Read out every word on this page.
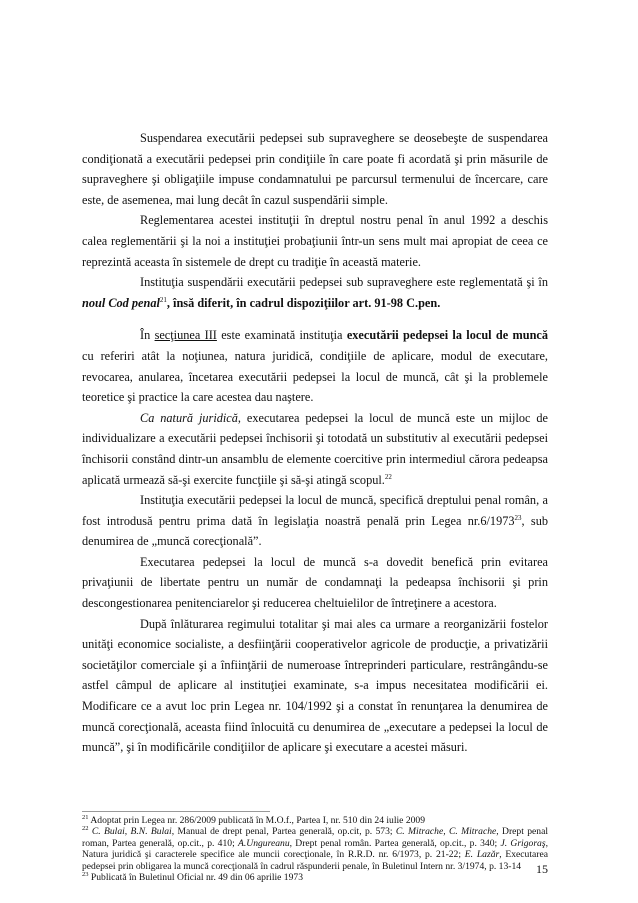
Suspendarea executării pedepsei sub supraveghere se deosebeşte de suspendarea condiţionată a executării pedepsei prin condiţiile în care poate fi acordată şi prin măsurile de supraveghere şi obligaţiile impuse condamnatului pe parcursul termenului de încercare, care este, de asemenea, mai lung decât în cazul suspendării simple.

Reglementarea acestei instituţii în dreptul nostru penal în anul 1992 a deschis calea reglementării şi la noi a instituţiei probaţiunii într-un sens mult mai apropiat de ceea ce reprezintă aceasta în sistemele de drept cu tradiţie în această materie.

Instituţia suspendării executării pedepsei sub supraveghere este reglementată şi în noul Cod penal$^{21}$, însă diferit, în cadrul dispoziţiilor art. 91-98 C.pen.

În secţiunea III este examinată instituţia executării pedepsei la locul de muncă cu referiri atât la noţiunea, natura juridică, condiţiile de aplicare, modul de executare, revocarea, anularea, încetarea executării pedepsei la locul de muncă, cât şi la problemele teoretice şi practice la care acestea dau naştere.

Ca natură juridică, executarea pedepsei la locul de muncă este un mijloc de individualizare a executării pedepsei închisorii şi totodată un substitutiv al executării pedepsei închisorii constând dintr-un ansamblu de elemente coercitive prin intermediul cărora pedeapsa aplicată urmează să-şi exercite funcţiile şi să-şi atingă scopul.$^{22}$

Instituţia executării pedepsei la locul de muncă, specifică dreptului penal român, a fost introdusă pentru prima dată în legislaţia noastră penală prin Legea nr.6/1973$^{23}$, sub denumirea de „muncă corecţională”.

Executarea pedepsei la locul de muncă s-a dovedit benefică prin evitarea privaţiunii de libertate pentru un număr de condamnaţi la pedeapsa închisorii şi prin descongestionarea penitenciarelor şi reducerea cheltuielilor de întreţinere a acestora.

După înlăturarea regimului totalitar şi mai ales ca urmare a reorganizării fostelor unităţi economice socialiste, a desfiinţării cooperativelor agricole de producţie, a privatizării societăţilor comerciale şi a înfiinţării de numeroase întreprinderi particulare, restrângându-se astfel câmpul de aplicare al instituţiei examinate, s-a impus necesitatea modificării ei. Modificare ce a avut loc prin Legea nr. 104/1992 şi a constat în renunţarea la denumirea de muncă corecţională, aceasta fiind înlocuită cu denumirea de „executare a pedepsei la locul de muncă”, şi în modificările condiţiilor de aplicare şi executare a acestei măsuri.

$^{21}$ Adoptat prin Legea nr. 286/2009 publicată în M.O.f., Partea I, nr. 510 din 24 iulie 2009

$^{22}$ C. Bulai, B.N. Bulai, Manual de drept penal, Partea generală, op.cit, p. 573; C. Mitrache, C. Mitrache, Drept penal roman, Partea generală, op.cit., p. 410; A.Ungureanu, Drept penal român. Partea generală, op.cit., p. 340; J. Grigoraş, Natura juridică şi caracterele specifice ale muncii corecţionale, în R.R.D. nr. 6/1973, p. 21-22; E. Lazăr, Executarea pedepsei prin obligarea la muncă corecţională în cadrul răspunderii penale, în Buletinul Intern nr. 3/1974, p. 13-14

$^{23}$ Publicată în Buletinul Oficial nr. 49 din 06 aprilie 1973

15
